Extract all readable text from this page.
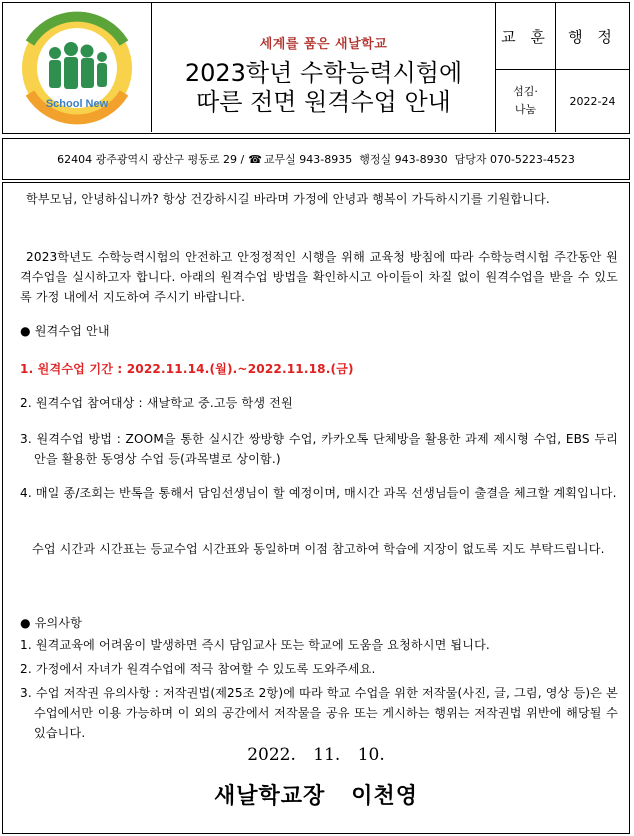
School New
세계를 품은 새날학교
2023학년 수학능력시험에
따른 전면 원격수업 안내
교 훈	행 정
섬김·
나눔
2022-24
62404 광주광역시 광산구 평동로 29 / ☎ 교무실 943-8935
행정실 943-8930
담당자 070-5223-4523
학부모님, 안녕하십니까? 항상 건강하시길 바라며 가정에 안녕과 행복이 가득하시기를 기원합니다.
2023학년도 수학능력시험의 안전하고 안정정적인 시행을 위해 교육청 방침에 따라 수학능력시험 주간동안 원격수업을 실시하고자 합니다. 아래의 원격수업 방법을 확인하시고 아이들이 차질 없이 원격수업을 받을 수 있도록 가정 내에서 지도하여 주시기 바랍니다.
● 원격수업 안내
1. 원격수업 기간 : 2022.11.14.(월).~2022.11.18.(금)
2. 원격수업 참여대상 : 새날학교 중.고등 학생 전원
3. 원격수업 방법 : ZOOM을 통한 실시간 쌍방향 수업, 카카오톡 단체방을 활용한 과제 제시형 수업, EBS 두리안을 활용한 동영상 수업 등(과목별로 상이함.)
4. 매일 종/조회는 반톡을 통해서 담임선생님이 할 예정이며, 매시간 과목 선생님들이 출결을 체크할 계획입니다.
수업 시간과 시간표는 등교수업 시간표와 동일하며 이점 참고하여 학습에 지장이 없도록 지도 부탁드립니다.
● 유의사항
1. 원격교육에 어려움이 발생하면 즉시 담임교사 또는 학교에 도움을 요청하시면 됩니다.
2. 가정에서 자녀가 원격수업에 적극 참여할 수 있도록 도와주세요.
3. 수업 저작권 유의사항 : 저작권법(제25조 2항)에 따라 학교 수업을 위한 저작물(사진, 글, 그림, 영상 등)은 본 수업에서만 이용 가능하며 이 외의 공간에서 저작물을 공유 또는 게시하는 행위는 저작권법 위반에 해당될 수 있습니다.
2022. 11. 10.
새날학교장 이천영
